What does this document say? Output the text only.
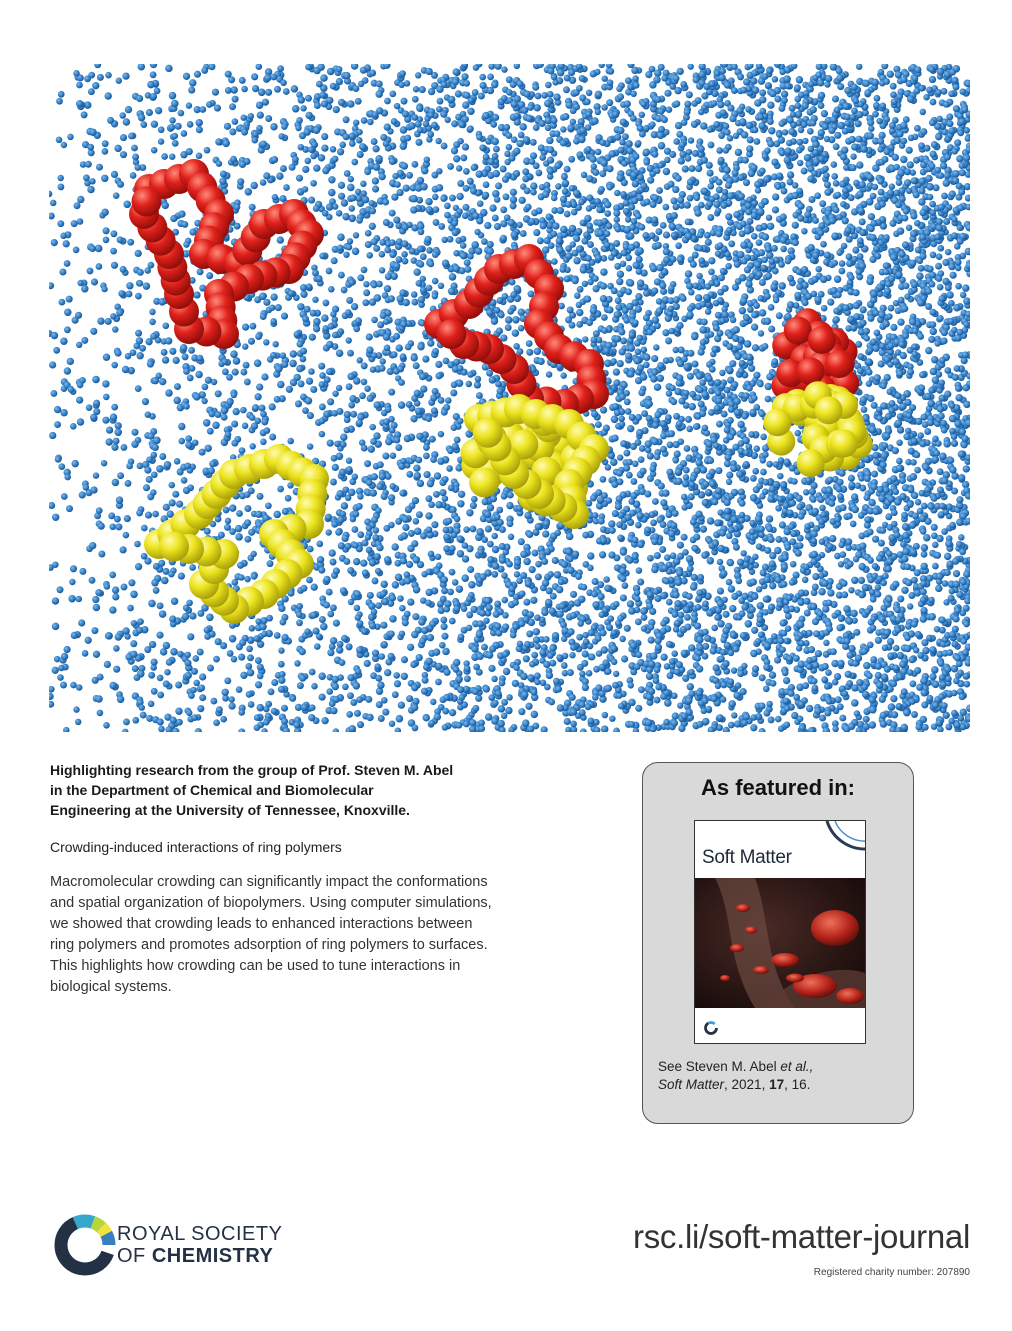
Highlighting research from the group of Prof. Steven M. Abel
in the Department of Chemical and Biomolecular
Engineering at the University of Tennessee, Knoxville.
Crowding-induced interactions of ring polymers
Macromolecular crowding can significantly impact the conformations and spatial organization of biopolymers. Using computer simulations, we showed that crowding leads to enhanced interactions between ring polymers and promotes adsorption of ring polymers to surfaces. This highlights how crowding can be used to tune interactions in biological systems.
As featured in:
Soft Matter
See Steven M. Abel et al.,
Soft Matter, 2021, 17, 16.
ROYAL SOCIETY
OF CHEMISTRY
rsc.li/soft-matter-journal
Registered charity number: 207890
